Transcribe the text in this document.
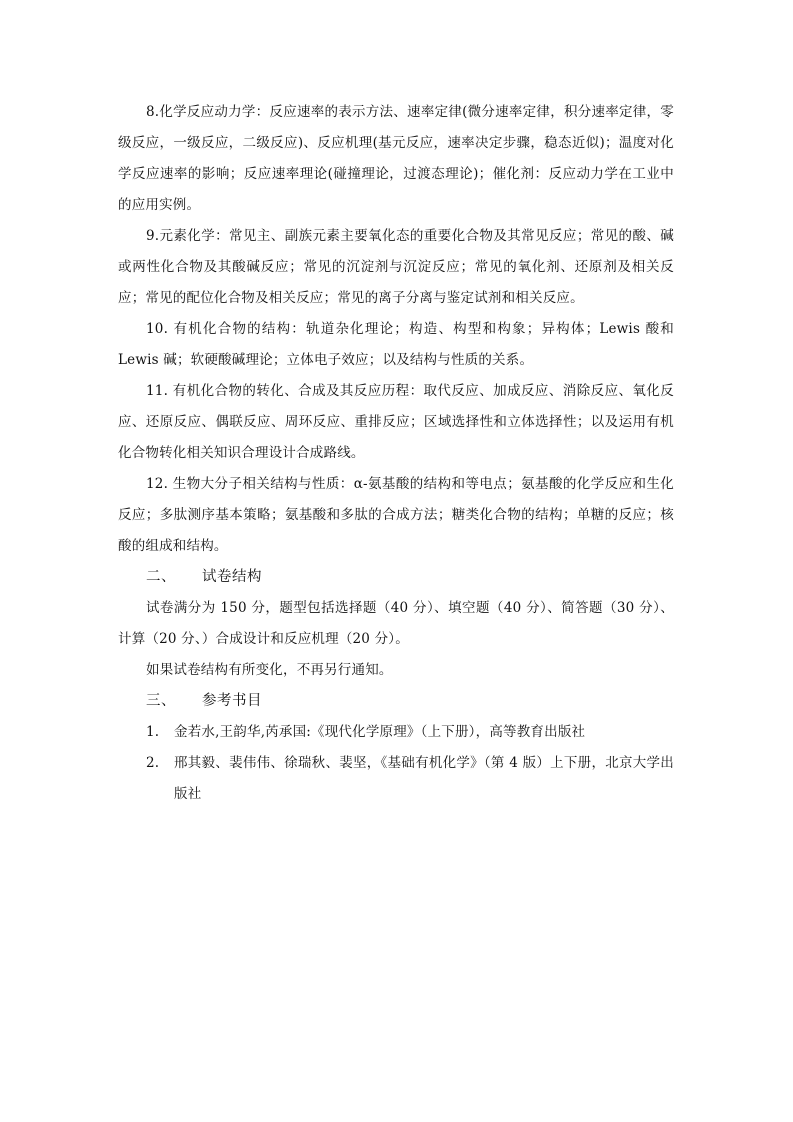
8.化学反应动力学：反应速率的表示方法、速率定律(微分速率定律，积分速率定律，零级反应，一级反应，二级反应)、反应机理(基元反应，速率决定步骤，稳态近似)；温度对化学反应速率的影响；反应速率理论(碰撞理论，过渡态理论)；催化剂：反应动力学在工业中的应用实例。

9.元素化学：常见主、副族元素主要氧化态的重要化合物及其常见反应；常见的酸、碱或两性化合物及其酸碱反应；常见的沉淀剂与沉淀反应；常见的氧化剂、还原剂及相关反应；常见的配位化合物及相关反应；常见的离子分离与鉴定试剂和相关反应。

10. 有机化合物的结构：轨道杂化理论；构造、构型和构象；异构体；Lewis 酸和 Lewis 碱；软硬酸碱理论；立体电子效应；以及结构与性质的关系。

11. 有机化合物的转化、合成及其反应历程：取代反应、加成反应、消除反应、氧化反应、还原反应、偶联反应、周环反应、重排反应；区域选择性和立体选择性；以及运用有机化合物转化相关知识合理设计合成路线。

12. 生物大分子相关结构与性质：α-氨基酸的结构和等电点；氨基酸的化学反应和生化反应；多肽测序基本策略；氨基酸和多肽的合成方法；糖类化合物的结构；单糖的反应；核酸的组成和结构。

二、 试卷结构

试卷满分为 150 分，题型包括选择题（40 分）、填空题（40 分）、简答题（30 分）、计算（20 分、）合成设计和反应机理（20 分）。

如果试卷结构有所变化，不再另行通知。

三、 参考书目
1. 金若水,王韵华,芮承国:《现代化学原理》（上下册），高等教育出版社
2. 邢其毅、裴伟伟、徐瑞秋、裴坚，《基础有机化学》（第 4 版）上下册，北京大学出版社
